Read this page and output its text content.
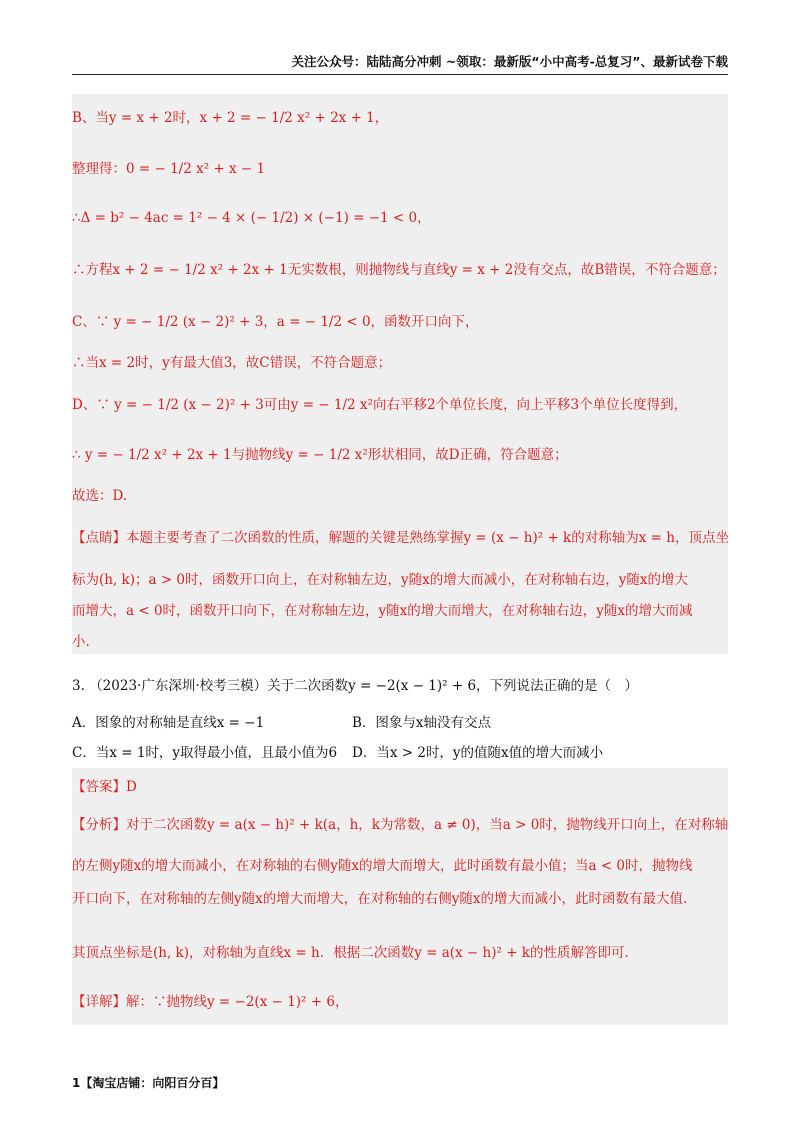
关注公众号：陆陆高分冲刺 ~领取：最新版“小中高考-总复习”、最新试卷下载
B、当y = x + 2时，x + 2 = − 1/2 x² + 2x + 1，
整理得：0 = − 1/2 x² + x − 1
∴Δ = b² − 4ac = 1² − 4 × (− 1/2) × (−1) = −1 < 0，
∴方程x + 2 = − 1/2 x² + 2x + 1无实数根，则抛物线与直线y = x + 2没有交点，故B错误，不符合题意；
C、∵ y = − 1/2 (x − 2)² + 3，a = − 1/2 < 0，函数开口向下，
∴当x = 2时，y有最大值3，故C错误，不符合题意；
D、∵ y = − 1/2 (x − 2)² + 3可由y = − 1/2 x²向右平移2个单位长度，向上平移3个单位长度得到，
∴ y = − 1/2 x² + 2x + 1与抛物线y = − 1/2 x²形状相同，故D正确，符合题意；
故选：D.
【点睛】本题主要考查了二次函数的性质，解题的关键是熟练掌握y = (x − h)² + k的对称轴为x = h，顶点坐
标为(h, k)；a > 0时，函数开口向上，在对称轴左边，y随x的增大而减小，在对称轴右边，y随x的增大
而增大，a < 0时，函数开口向下，在对称轴左边，y随x的增大而增大，在对称轴右边，y随x的增大而减
小.
3. （2023·广东深圳·校考三模）关于二次函数y = −2(x − 1)² + 6，下列说法正确的是（　）
A．图象的对称轴是直线x = −1	B．图象与x轴没有交点
C．当x = 1时，y取得最小值，且最小值为6 D．当x > 2时，y的值随x值的增大而减小
【答案】D
【分析】对于二次函数y = a(x − h)² + k(a，h，k为常数，a ≠ 0)，当a > 0时，抛物线开口向上，在对称轴
的左侧y随x的增大而减小，在对称轴的右侧y随x的增大而增大，此时函数有最小值；当a < 0时，抛物线
开口向下，在对称轴的左侧y随x的增大而增大，在对称轴的右侧y随x的增大而减小，此时函数有最大值.
其顶点坐标是(h, k)，对称轴为直线x = h．根据二次函数y = a(x − h)² + k的性质解答即可.
【详解】解：∵抛物线y = −2(x − 1)² + 6，
1【淘宝店铺：向阳百分百】
